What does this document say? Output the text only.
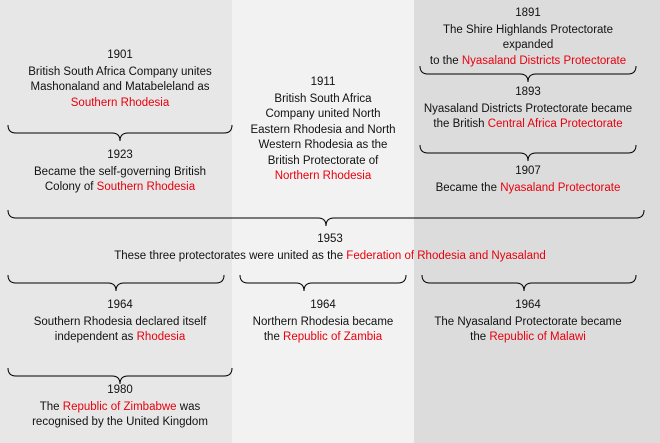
1901
British South Africa Company unites
Mashonaland and Matabeleland as
Southern Rhodesia
1923
Became the self-governing British
Colony of Southern Rhodesia
1964
Southern Rhodesia declared itself
independent as Rhodesia
1980
The Republic of Zimbabwe was
recognised by the United Kingdom
1911
British South Africa
Company united North
Eastern Rhodesia and North
Western Rhodesia as the
British Protectorate of
Northern Rhodesia
1964
Northern Rhodesia became
the Republic of Zambia
1891
The Shire Highlands Protectorate expanded
to the Nyasaland Districts Protectorate
1893
Nyasaland Districts Protectorate became
the British Central Africa Protectorate
1907
Became the Nyasaland Protectorate
1964
The Nyasaland Protectorate became
the Republic of Malawi
1953
These three protectorates were united as the Federation of Rhodesia and Nyasaland
